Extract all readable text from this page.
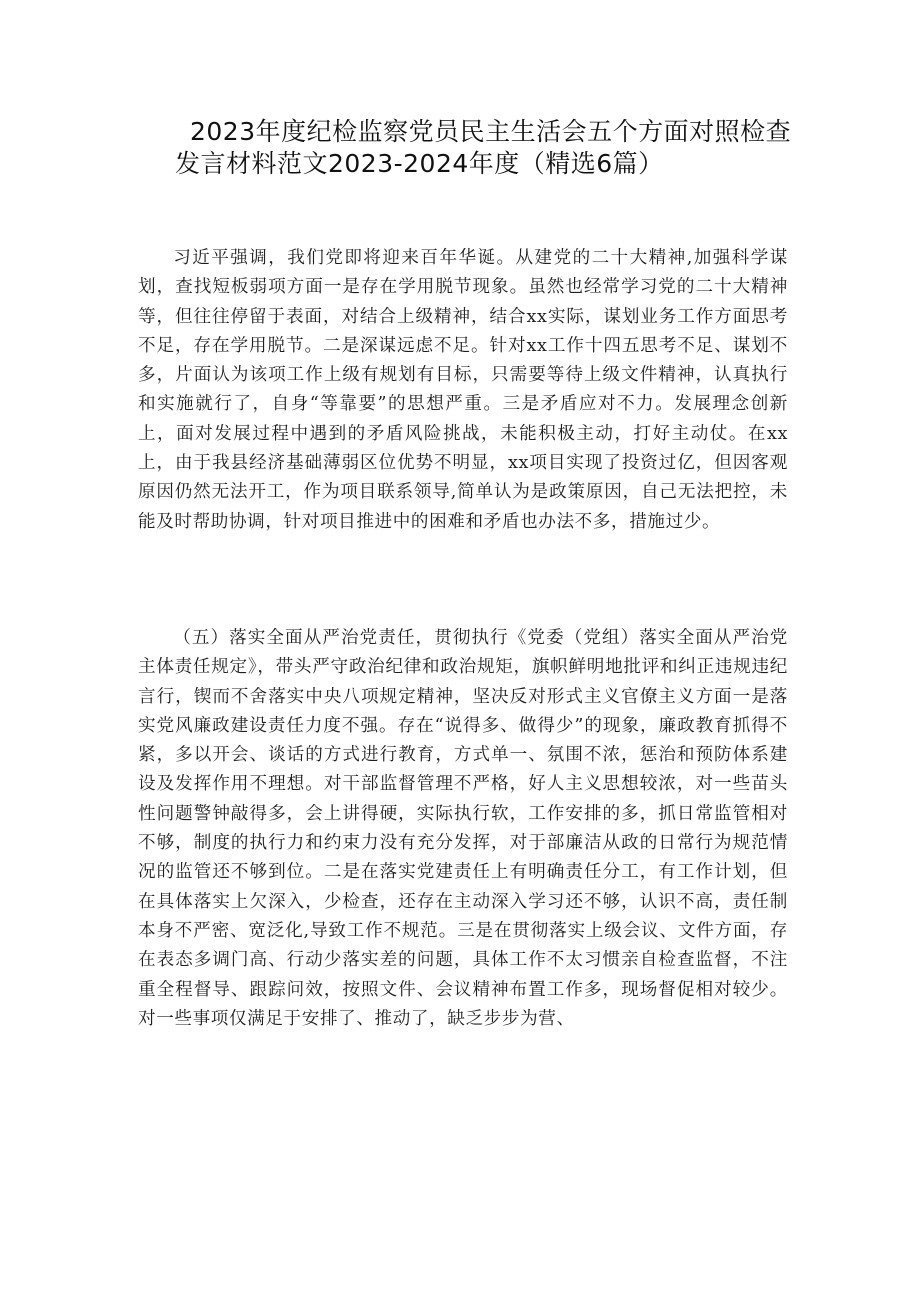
2023年度纪检监察党员民主生活会五个方面对照检查
发言材料范文2023-2024年度（精选6篇）

习近平强调，我们党即将迎来百年华诞。从建党的二十大精神,加强科学谋划，查找短板弱项方面一是存在学用脱节现象。虽然也经常学习党的二十大精神等，但往往停留于表面，对结合上级精神，结合xx实际，谋划业务工作方面思考不足，存在学用脱节。二是深谋远虑不足。针对xx工作十四五思考不足、谋划不多，片面认为该项工作上级有规划有目标，只需要等待上级文件精神，认真执行和实施就行了，自身“等靠要”的思想严重。三是矛盾应对不力。发展理念创新上，面对发展过程中遇到的矛盾风险挑战，未能积极主动，打好主动仗。在xx上，由于我县经济基础薄弱区位优势不明显，xx项目实现了投资过亿，但因客观原因仍然无法开工，作为项目联系领导,简单认为是政策原因，自己无法把控，未能及时帮助协调，针对项目推进中的困难和矛盾也办法不多，措施过少。

（五）落实全面从严治党责任，贯彻执行《党委（党组）落实全面从严治党主体责任规定》，带头严守政治纪律和政治规矩，旗帜鲜明地批评和纠正违规违纪言行，锲而不舍落实中央八项规定精神，坚决反对形式主义官僚主义方面一是落实党风廉政建设责任力度不强。存在“说得多、做得少”的现象，廉政教育抓得不紧，多以开会、谈话的方式进行教育，方式单一、氛围不浓，惩治和预防体系建设及发挥作用不理想。对干部监督管理不严格，好人主义思想较浓，对一些苗头性问题警钟敲得多，会上讲得硬，实际执行软，工作安排的多，抓日常监管相对不够，制度的执行力和约束力没有充分发挥，对于部廉洁从政的日常行为规范情况的监管还不够到位。二是在落实党建责任上有明确责任分工，有工作计划，但在具体落实上欠深入，少检查，还存在主动深入学习还不够，认识不高，责任制本身不严密、宽泛化,导致工作不规范。三是在贯彻落实上级会议、文件方面，存在表态多调门高、行动少落实差的问题，具体工作不太习惯亲自检查监督，不注重全程督导、跟踪问效，按照文件、会议精神布置工作多，现场督促相对较少。对一些事项仅满足于安排了、推动了，缺乏步步为营、
